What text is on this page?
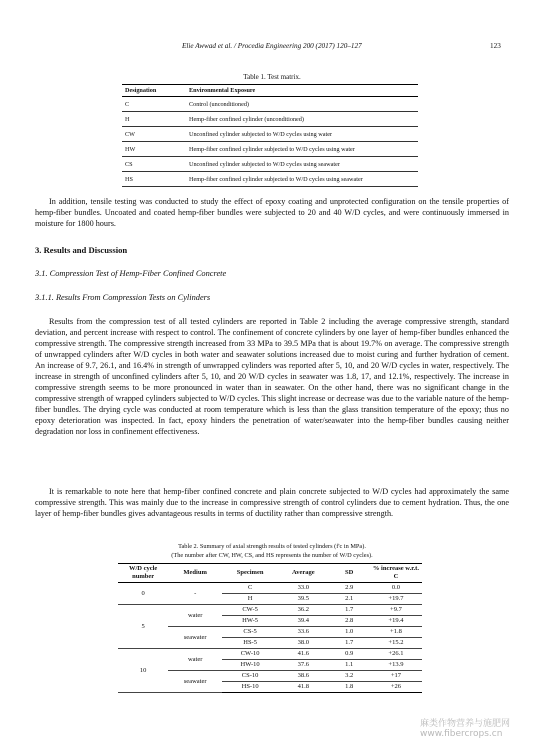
Elie Awwad et al. / Procedia Engineering 200 (2017) 120–127	123
Table 1. Test matrix.
Designation	Environmental Exposure
C	Control (unconditioned)
H	Hemp-fiber confined cylinder (unconditioned)
CW	Unconfined cylinder subjected to W/D cycles using water
HW	Hemp-fiber confined cylinder subjected to W/D cycles using water
CS	Unconfined cylinder subjected to W/D cycles using seawater
HS	Hemp-fiber confined cylinder subjected to W/D cycles using seawater
In addition, tensile testing was conducted to study the effect of epoxy coating and unprotected configuration on the tensile properties of hemp-fiber bundles. Uncoated and coated hemp-fiber bundles were subjected to 20 and 40 W/D cycles, and were continuously immersed in moisture for 1800 hours.
3. Results and Discussion
3.1. Compression Test of Hemp-Fiber Confined Concrete
3.1.1. Results From Compression Tests on Cylinders
Results from the compression test of all tested cylinders are reported in Table 2 including the average compressive strength, standard deviation, and percent increase with respect to control. The confinement of concrete cylinders by one layer of hemp-fiber bundles enhanced the compressive strength. The compressive strength increased from 33 MPa to 39.5 MPa that is about 19.7% on average. The compressive strength of unwrapped cylinders after W/D cycles in both water and seawater solutions increased due to moist curing and further hydration of cement. An increase of 9.7, 26.1, and 16.4% in strength of unwrapped cylinders was reported after 5, 10, and 20 W/D cycles in water, respectively. The increase in strength of unconfined cylinders after 5, 10, and 20 W/D cycles in seawater was 1.8, 17, and 12.1%, respectively. The increase in compressive strength seems to be more pronounced in water than in seawater. On the other hand, there was no significant change in the compressive strength of wrapped cylinders subjected to W/D cycles. This slight increase or decrease was due to the variable nature of the hemp-fiber bundles. The drying cycle was conducted at room temperature which is less than the glass transition temperature of the epoxy; thus no epoxy deterioration was inspected. In fact, epoxy hinders the penetration of water/seawater into the hemp-fiber bundles causing neither degradation nor loss in confinement effectiveness.
It is remarkable to note here that hemp-fiber confined concrete and plain concrete subjected to W/D cycles had approximately the same compressive strength. This was mainly due to the increase in compressive strength of control cylinders due to cement hydration. Thus, the one layer of hemp-fiber bundles gives advantageous results in terms of ductility rather than compressive strength.
Table 2. Summary of axial strength results of tested cylinders (f'c in MPa).
(The number after CW, HW, CS, and HS represents the number of W/D cycles).
W/D cycle number	Medium	Specimen	Average	SD	% increase w.r.t. C
0	-	C	33.0	2.9	0.0
		H	39.5	2.1	+19.7
5	water	CW-5	36.2	1.7	+9.7
		HW-5	39.4	2.8	+19.4
	seawater	CS-5	33.6	1.0	+1.8
		HS-5	38.0	1.7	+15.2
10	water	CW-10	41.6	0.9	+26.1
		HW-10	37.6	1.1	+13.9
	seawater	CS-10	38.6	3.2	+17
		HS-10	41.8	1.8	+26
麻类作物营养与施肥网 www.fibercrops.cn
